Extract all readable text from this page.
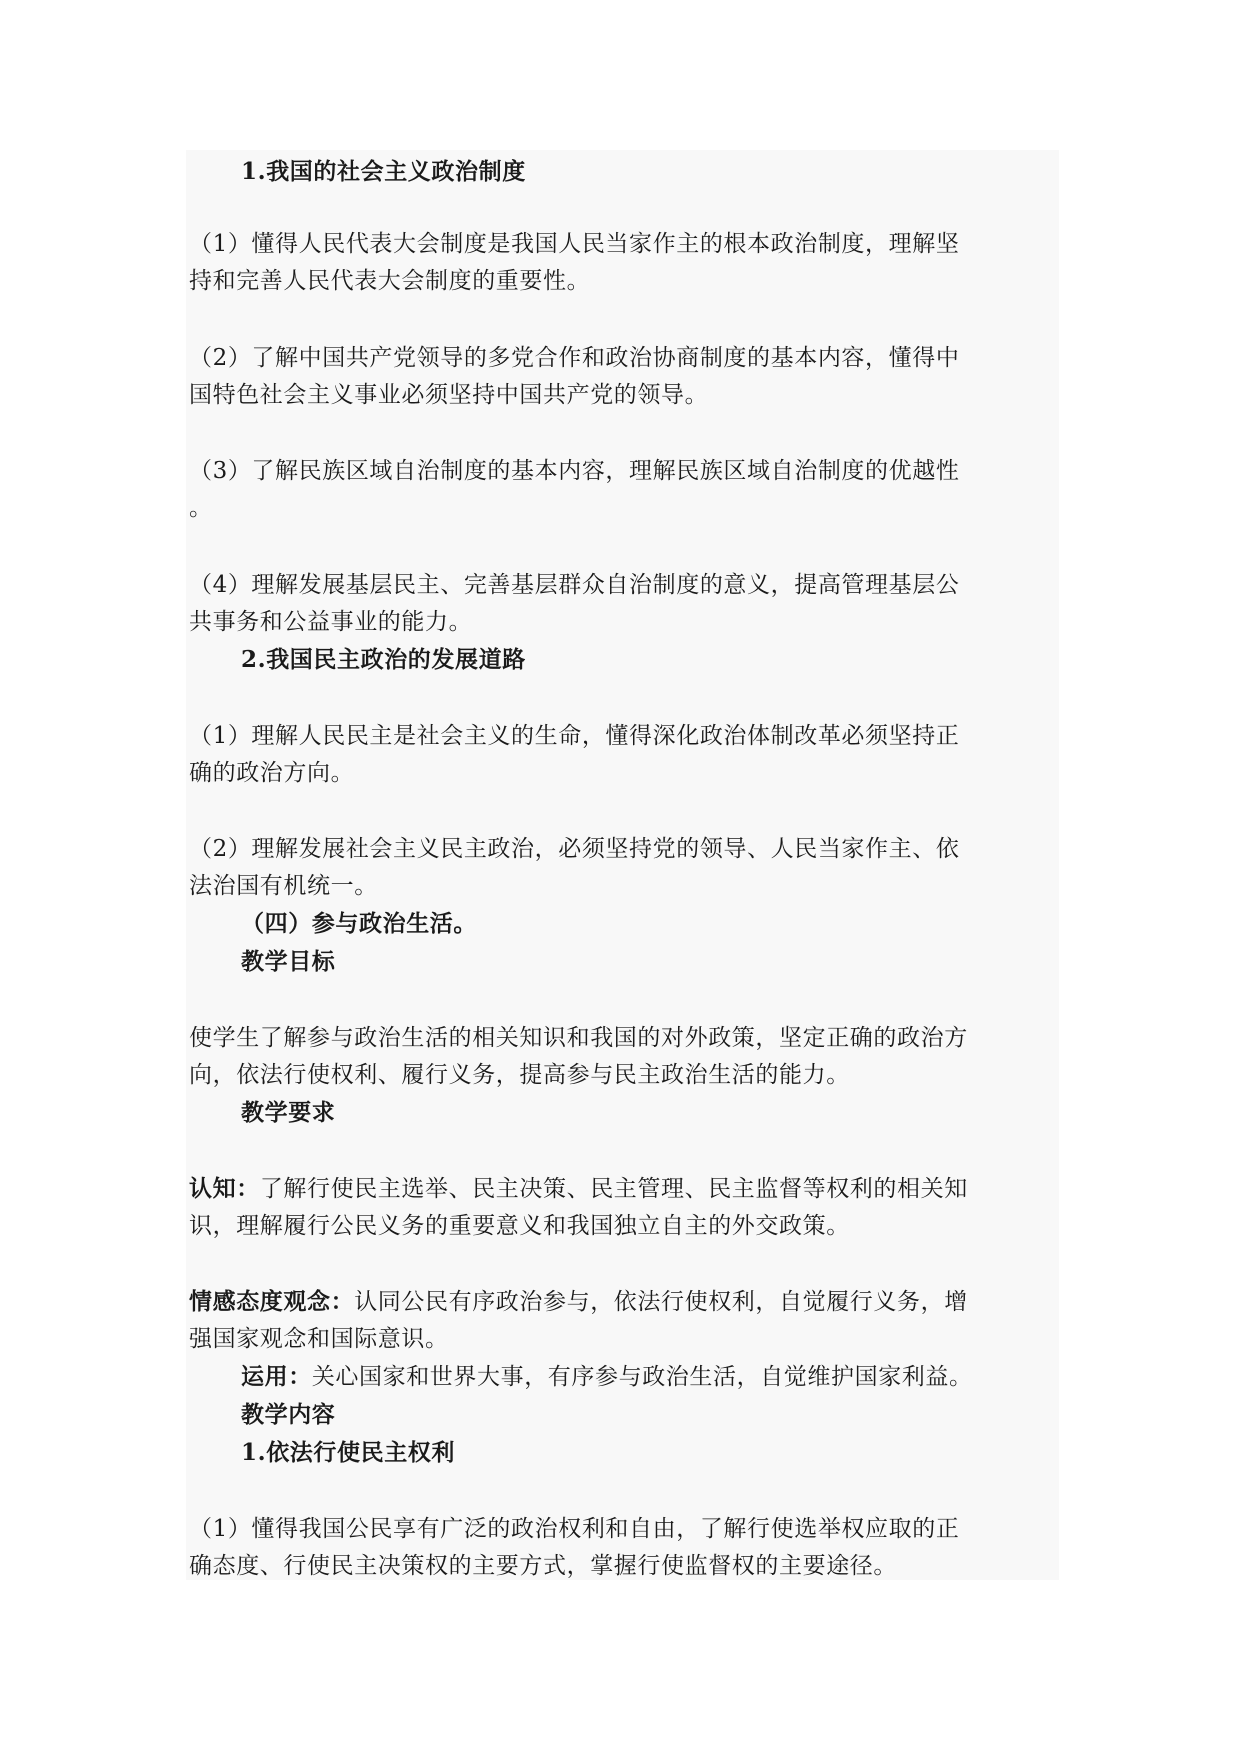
1.我国的社会主义政治制度
（1）懂得人民代表大会制度是我国人民当家作主的根本政治制度，理解坚
持和完善人民代表大会制度的重要性。
（2）了解中国共产党领导的多党合作和政治协商制度的基本内容，懂得中
国特色社会主义事业必须坚持中国共产党的领导。
（3）了解民族区域自治制度的基本内容，理解民族区域自治制度的优越性
。
（4）理解发展基层民主、完善基层群众自治制度的意义，提高管理基层公
共事务和公益事业的能力。
2.我国民主政治的发展道路
（1）理解人民民主是社会主义的生命，懂得深化政治体制改革必须坚持正
确的政治方向。
（2）理解发展社会主义民主政治，必须坚持党的领导、人民当家作主、依
法治国有机统一。
（四）参与政治生活。
教学目标
使学生了解参与政治生活的相关知识和我国的对外政策，坚定正确的政治方
向，依法行使权利、履行义务，提高参与民主政治生活的能力。
教学要求
认知：了解行使民主选举、民主决策、民主管理、民主监督等权利的相关知
识，理解履行公民义务的重要意义和我国独立自主的外交政策。
情感态度观念：认同公民有序政治参与，依法行使权利，自觉履行义务，增
强国家观念和国际意识。
运用：关心国家和世界大事，有序参与政治生活，自觉维护国家利益。
教学内容
1.依法行使民主权利
（1）懂得我国公民享有广泛的政治权利和自由，了解行使选举权应取的正
确态度、行使民主决策权的主要方式，掌握行使监督权的主要途径。
